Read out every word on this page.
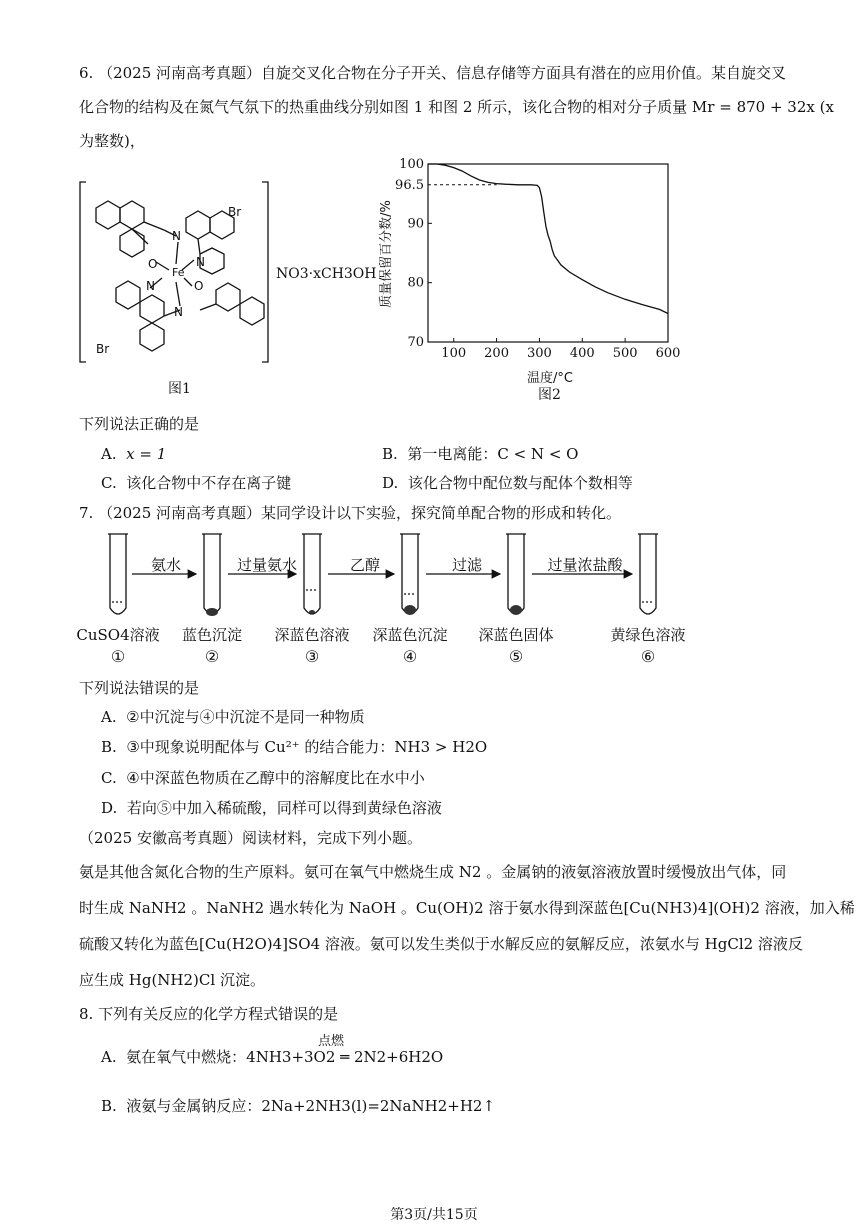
6. （2025 河南高考真题）自旋交叉化合物在分子开关、信息存储等方面具有潜在的应用价值。某自旋交叉
化合物的结构及在氮气气氛下的热重曲线分别如图 1 和图 2 所示，该化合物的相对分子质量 Mr = 870 + 32x (x
为整数)，
Fe
O
O
N
N
N
N
Br
Br
NO3·xCH3OH
图1
100 200 300 400 500 600
70
80
90
100
96.5
温度/°C
质量保留百分数/%
图2
下列说法正确的是
A. x = 1	B. 第一电离能：C < N < O
C. 该化合物中不存在离子键	D. 该化合物中配位数与配体个数相等
7. （2025 河南高考真题）某同学设计以下实验，探究简单配合物的形成和转化。
氨水	过量氨水	乙醇	过滤	过量浓盐酸
CuSO4溶液	蓝色沉淀	深蓝色溶液	深蓝色沉淀	深蓝色固体	黄绿色溶液
①	②	③	④	⑤	⑥
下列说法错误的是
A. ②中沉淀与④中沉淀不是同一种物质
B. ③中现象说明配体与 Cu²⁺ 的结合能力：NH3 > H2O
C. ④中深蓝色物质在乙醇中的溶解度比在水中小
D. 若向⑤中加入稀硫酸，同样可以得到黄绿色溶液
（2025 安徽高考真题）阅读材料，完成下列小题。
氨是其他含氮化合物的生产原料。氨可在氧气中燃烧生成 N2 。金属钠的液氨溶液放置时缓慢放出气体，同
时生成 NaNH2 。NaNH2 遇水转化为 NaOH 。Cu(OH)2 溶于氨水得到深蓝色[Cu(NH3)4](OH)2 溶液，加入稀
硫酸又转化为蓝色[Cu(H2O)4]SO4 溶液。氨可以发生类似于水解反应的氨解反应，浓氨水与 HgCl2 溶液反
应生成 Hg(NH2)Cl 沉淀。
8. 下列有关反应的化学方程式错误的是
点燃
A. 氨在氧气中燃烧：4NH3+3O2 ═ 2N2+6H2O
B. 液氨与金属钠反应：2Na+2NH3(l)=2NaNH2+H2↑
第3页/共15页
